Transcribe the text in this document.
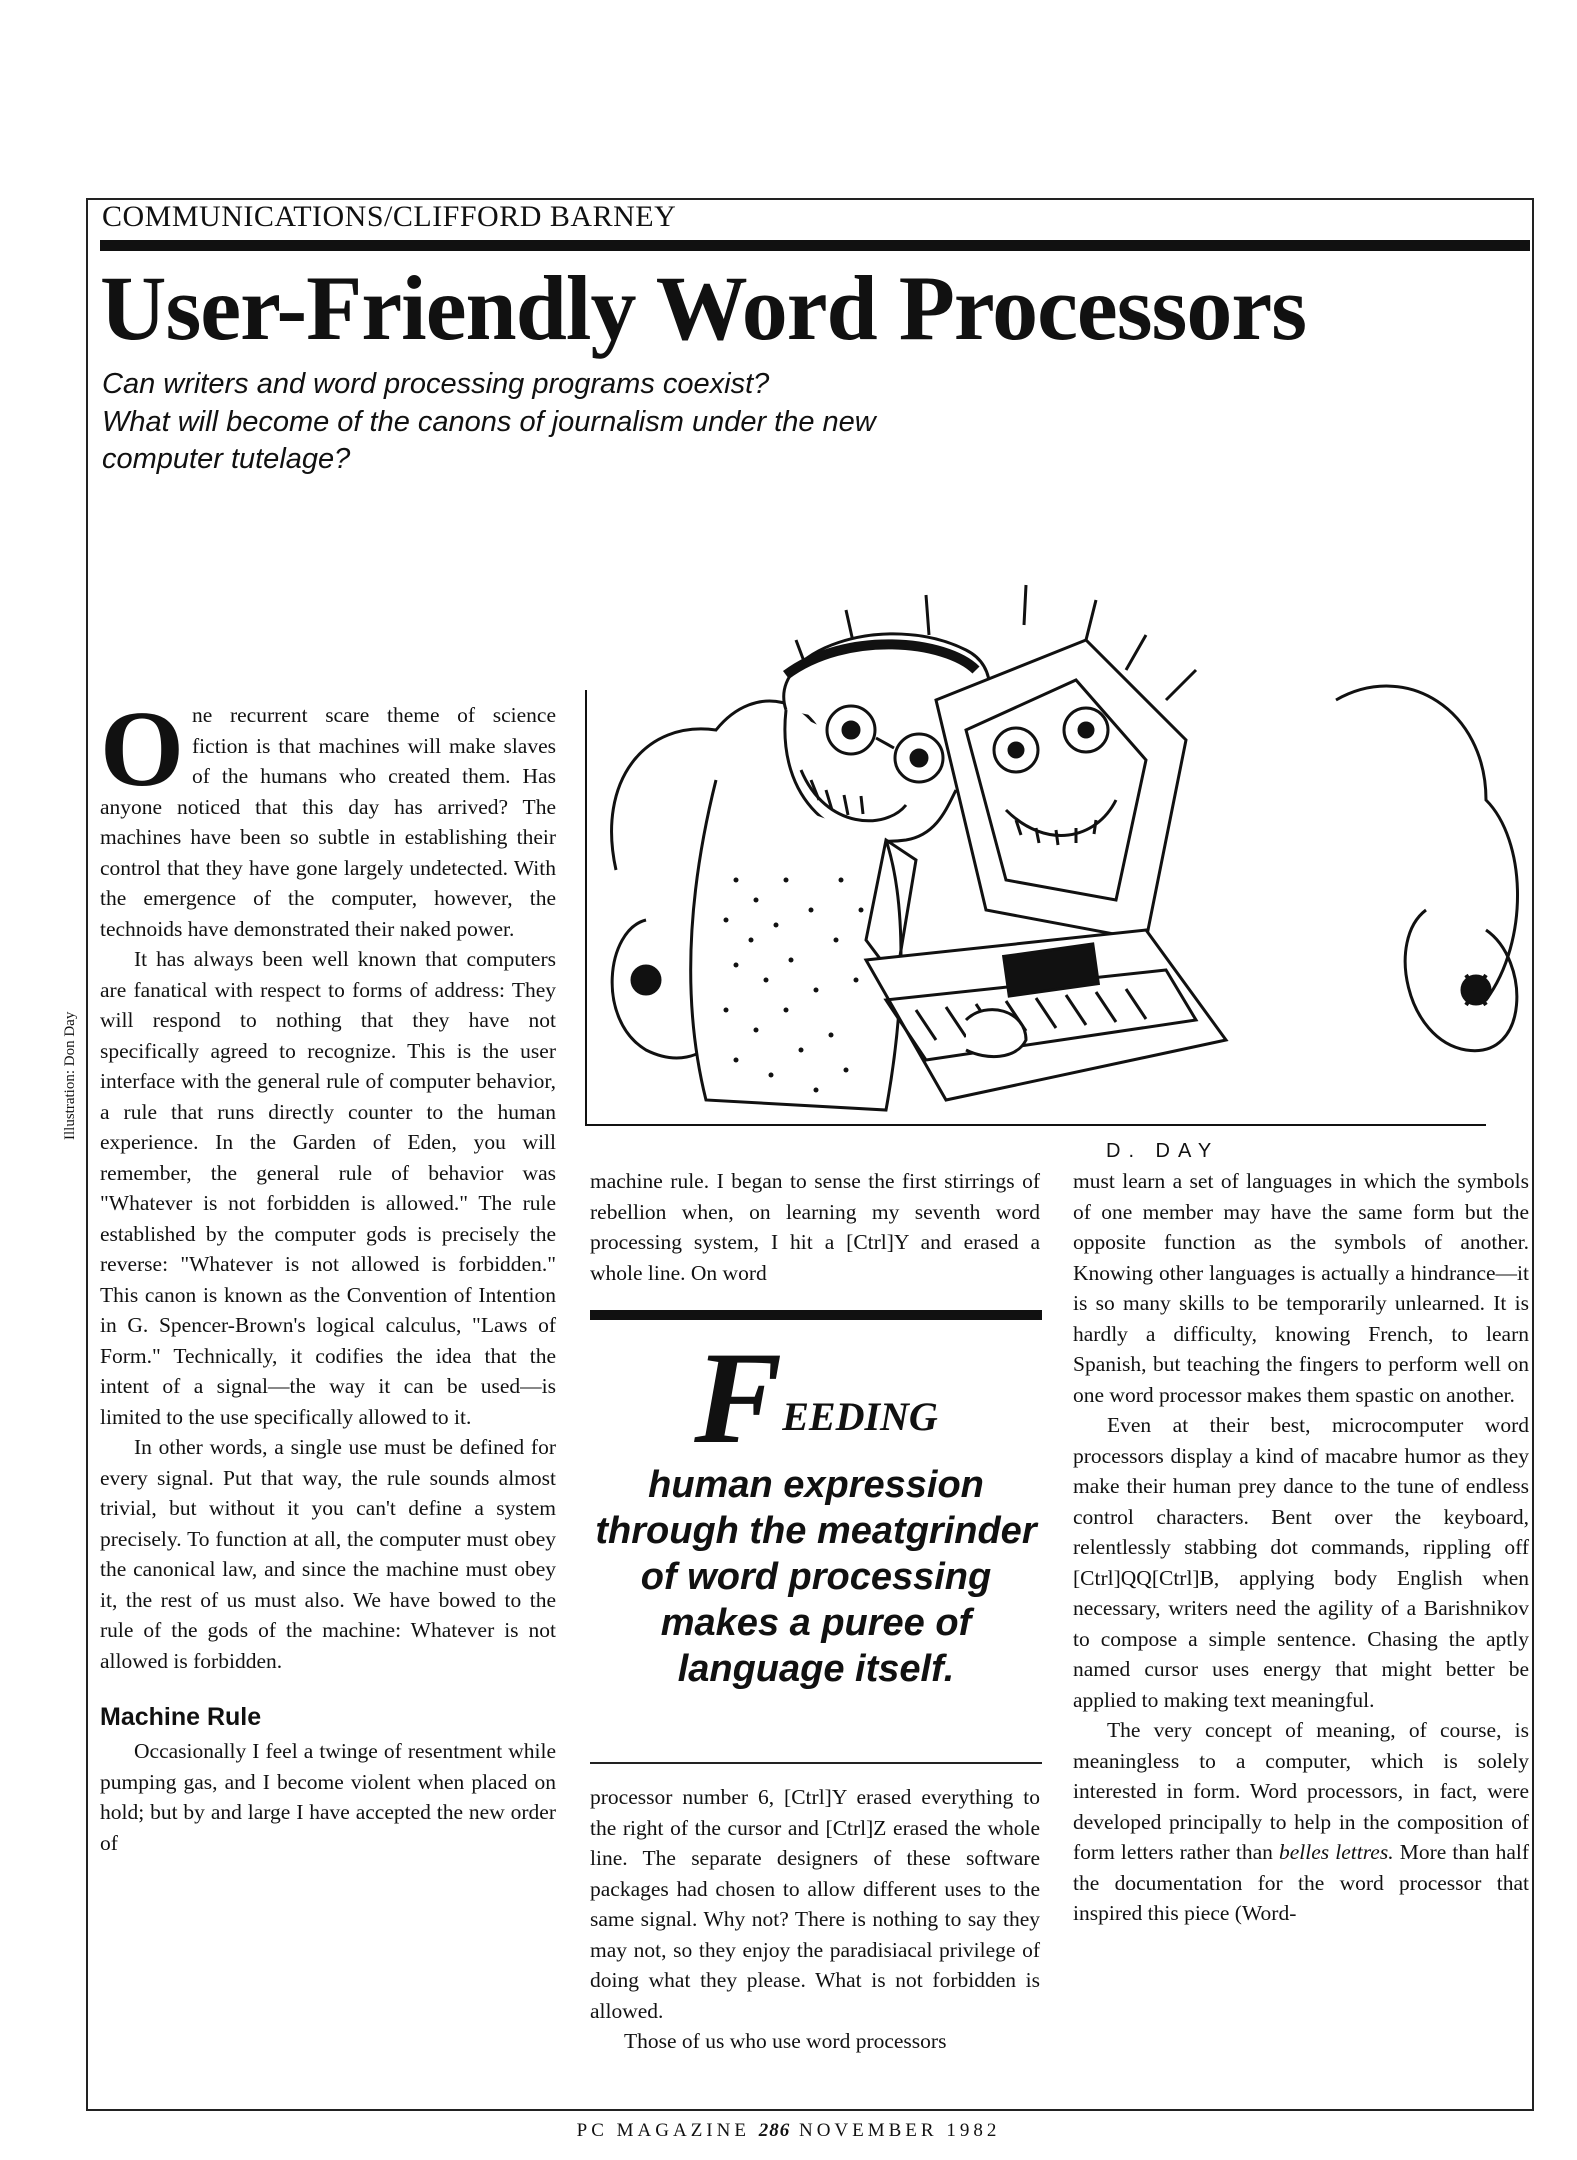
COMMUNICATIONS/CLIFFORD BARNEY
User-Friendly Word Processors
Can writers and word processing programs coexist?
What will become of the canons of journalism under the new
computer tutelage?
Illustration: Don Day
D. DAY
O ne recurrent scare theme of science fiction is that machines will make slaves of the humans who created them. Has anyone noticed that this day has arrived? The machines have been so subtle in establishing their control that they have gone largely undetected. With the emergence of the computer, however, the technoids have demonstrated their naked power.

It has always been well known that computers are fanatical with respect to forms of address: They will respond to nothing that they have not specifically agreed to recognize. This is the user interface with the general rule of computer behavior, a rule that runs directly counter to the human experience. In the Garden of Eden, you will remember, the general rule of behavior was "Whatever is not forbidden is allowed." The rule established by the computer gods is precisely the reverse: "Whatever is not allowed is forbidden." This canon is known as the Convention of Intention in G. Spencer-Brown's logical calculus, "Laws of Form." Technically, it codifies the idea that the intent of a signal—the way it can be used—is limited to the use specifically allowed to it.

In other words, a single use must be defined for every signal. Put that way, the rule sounds almost trivial, but without it you can't define a system precisely. To function at all, the computer must obey the canonical law, and since the machine must obey it, the rest of us must also. We have bowed to the rule of the gods of the machine: Whatever is not allowed is forbidden.

Machine Rule

Occasionally I feel a twinge of resentment while pumping gas, and I become violent when placed on hold; but by and large I have accepted the new order of

machine rule. I began to sense the first stirrings of rebellion when, on learning my seventh word processing system, I hit a [Ctrl]Y and erased a whole line. On word

FEEDING
human expression through the meatgrinder of word processing makes a puree of language itself.

processor number 6, [Ctrl]Y erased everything to the right of the cursor and [Ctrl]Z erased the whole line. The separate designers of these software packages had chosen to allow different uses to the same signal. Why not? There is nothing to say they may not, so they enjoy the paradisiacal privilege of doing what they please. What is not forbidden is allowed.

Those of us who use word processors

must learn a set of languages in which the symbols of one member may have the same form but the opposite function as the symbols of another. Knowing other languages is actually a hindrance—it is so many skills to be temporarily unlearned. It is hardly a difficulty, knowing French, to learn Spanish, but teaching the fingers to perform well on one word processor makes them spastic on another.

Even at their best, microcomputer word processors display a kind of macabre humor as they make their human prey dance to the tune of endless control characters. Bent over the keyboard, relentlessly stabbing dot commands, rippling off [Ctrl]QQ[Ctrl]B, applying body English when necessary, writers need the agility of a Barishnikov to compose a simple sentence. Chasing the aptly named cursor uses energy that might better be applied to making text meaningful.

The very concept of meaning, of course, is meaningless to a computer, which is solely interested in form. Word processors, in fact, were developed principally to help in the composition of form letters rather than belles lettres. More than half the documentation for the word processor that inspired this piece (Word-

PC MAGAZINE 286 NOVEMBER 1982
